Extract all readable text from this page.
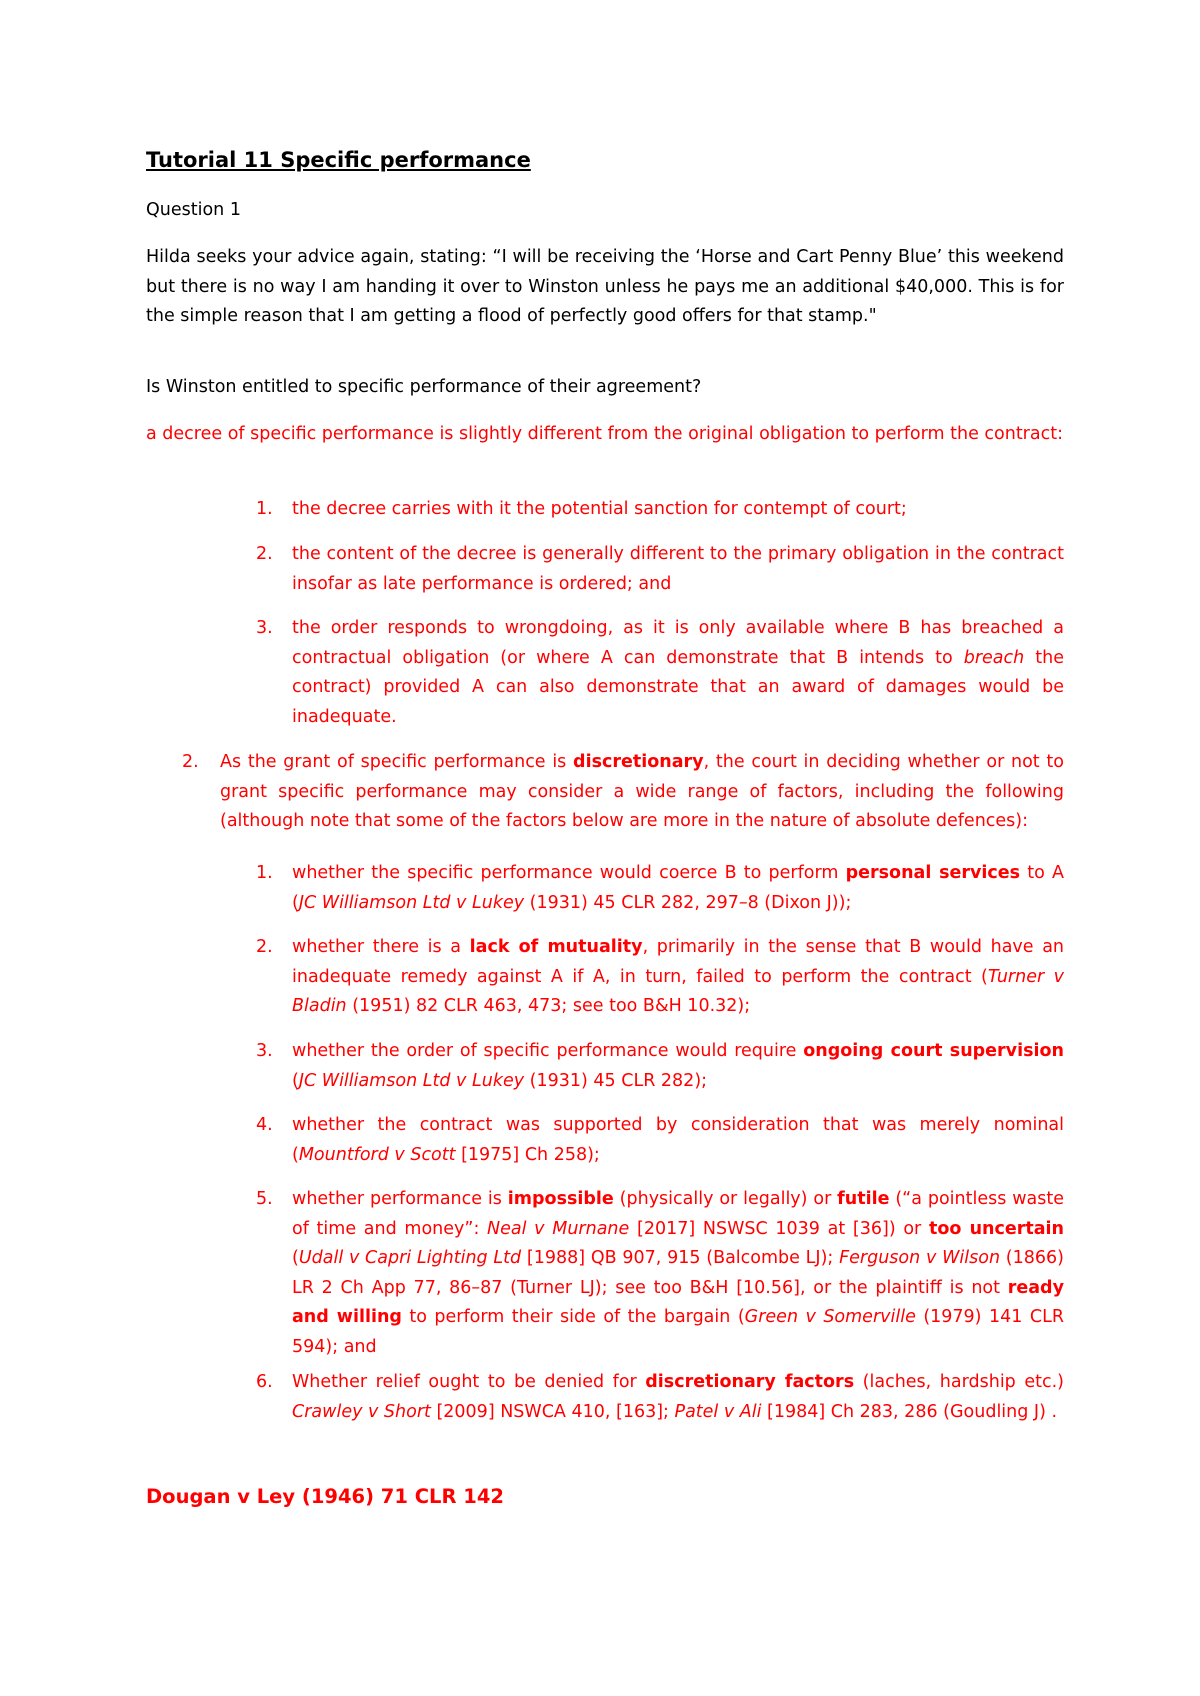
Tutorial 11 Specific performance
Question 1
Hilda seeks your advice again, stating: “I will be receiving the ‘Horse and Cart Penny Blue’ this weekend but there is no way I am handing it over to Winston unless he pays me an additional $40,000. This is for the simple reason that I am getting a flood of perfectly good offers for that stamp."
Is Winston entitled to specific performance of their agreement?
a decree of specific performance is slightly different from the original obligation to perform the contract:
1. the decree carries with it the potential sanction for contempt of court;
2. the content of the decree is generally different to the primary obligation in the contract insofar as late performance is ordered; and
3. the order responds to wrongdoing, as it is only available where B has breached a contractual obligation (or where A can demonstrate that B intends to breach the contract) provided A can also demonstrate that an award of damages would be inadequate.
2. As the grant of specific performance is discretionary, the court in deciding whether or not to grant specific performance may consider a wide range of factors, including the following (although note that some of the factors below are more in the nature of absolute defences):
1. whether the specific performance would coerce B to perform personal services to A (JC Williamson Ltd v Lukey (1931) 45 CLR 282, 297–8 (Dixon J));
2. whether there is a lack of mutuality, primarily in the sense that B would have an inadequate remedy against A if A, in turn, failed to perform the contract (Turner v Bladin (1951) 82 CLR 463, 473; see too B&H 10.32);
3. whether the order of specific performance would require ongoing court supervision (JC Williamson Ltd v Lukey (1931) 45 CLR 282);
4. whether the contract was supported by consideration that was merely nominal (Mountford v Scott [1975] Ch 258);
5. whether performance is impossible (physically or legally) or futile (“a pointless waste of time and money”: Neal v Murnane [2017] NSWSC 1039 at [36]) or too uncertain (Udall v Capri Lighting Ltd [1988] QB 907, 915 (Balcombe LJ); Ferguson v Wilson (1866) LR 2 Ch App 77, 86–87 (Turner LJ); see too B&H [10.56], or the plaintiff is not ready and willing to perform their side of the bargain (Green v Somerville (1979) 141 CLR 594); and
6. Whether relief ought to be denied for discretionary factors (laches, hardship etc.) Crawley v Short [2009] NSWCA 410, [163]; Patel v Ali [1984] Ch 283, 286 (Goudling J) .
Dougan v Ley (1946) 71 CLR 142
